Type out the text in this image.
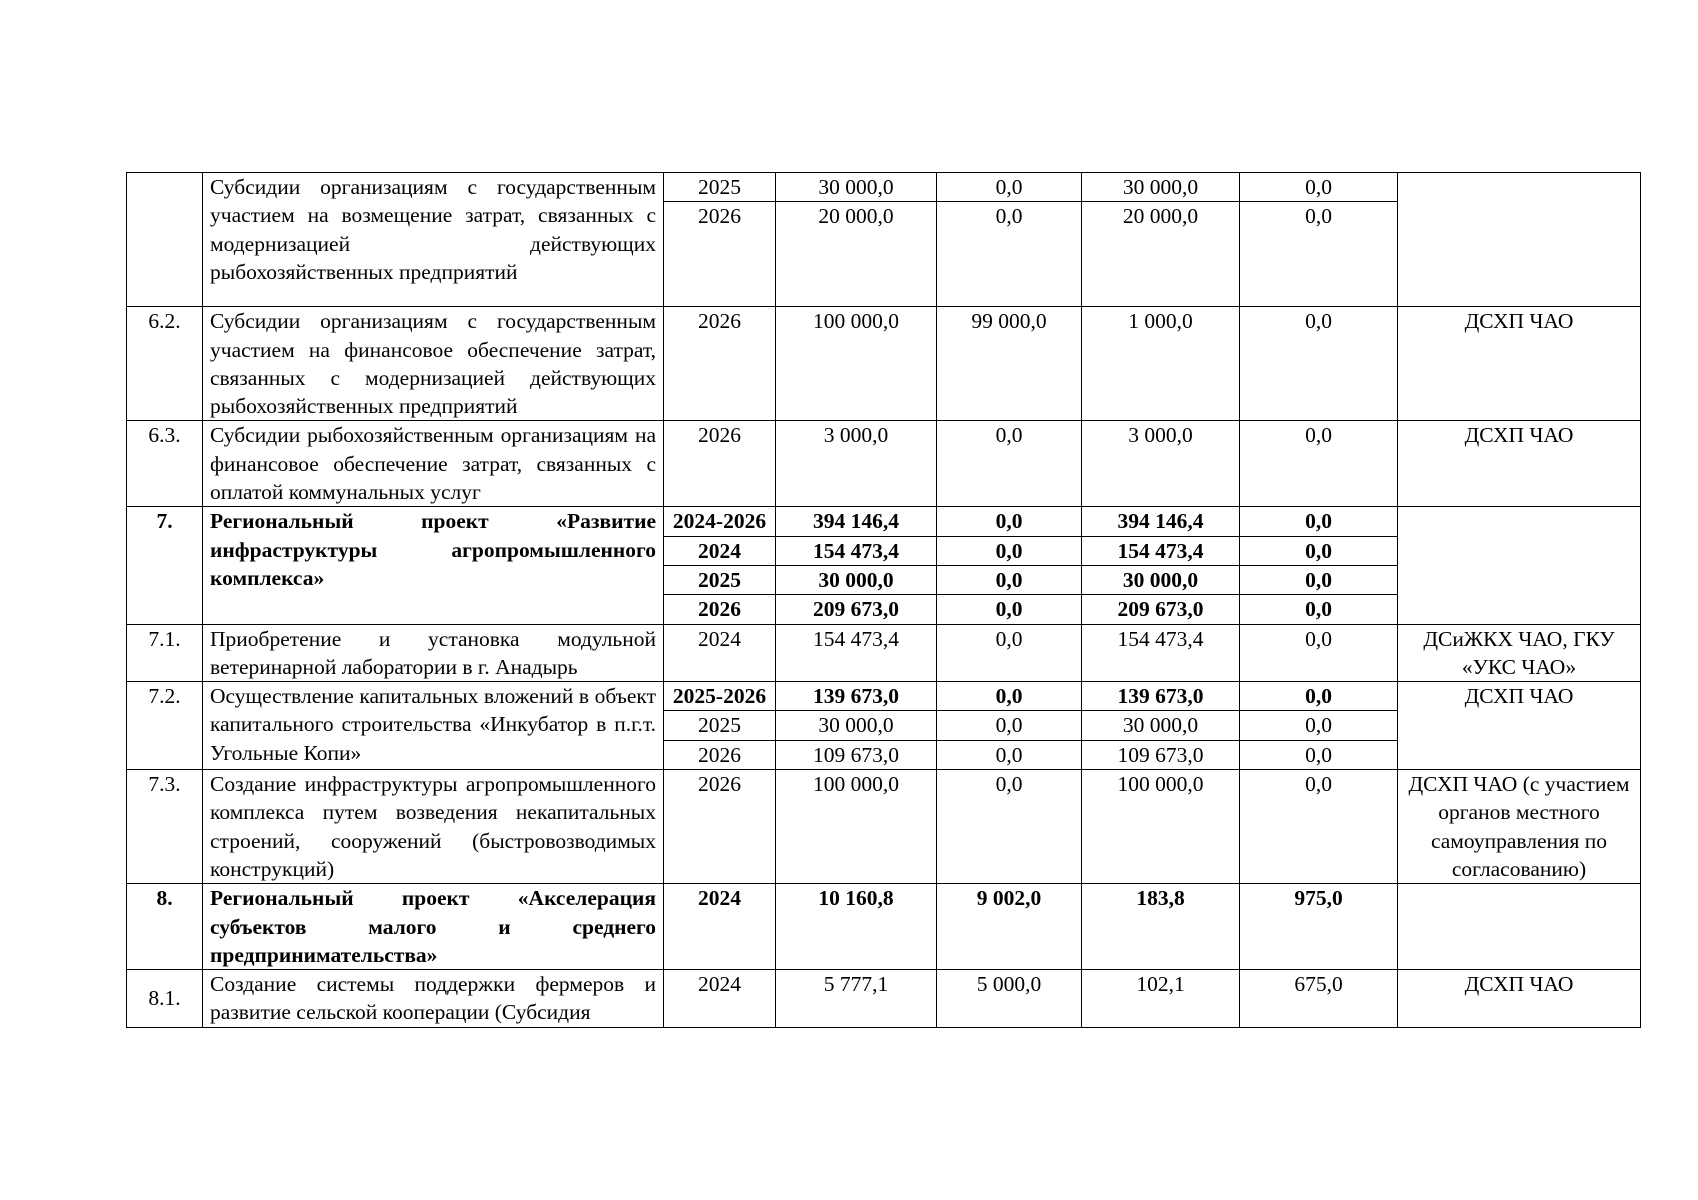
	Субсидии организациям с государственным участием на возмещение затрат, связанных с модернизацией действующих рыбохозяйственных предприятий	2025	30 000,0	0,0	30 000,0	0,0	
		2026	20 000,0	0,0	20 000,0	0,0	
6.2.	Субсидии организациям с государственным участием на финансовое обеспечение затрат, связанных с модернизацией действующих рыбохозяйственных предприятий	2026	100 000,0	99 000,0	1 000,0	0,0	ДСХП ЧАО
6.3.	Субсидии рыбохозяйственным организациям на финансовое обеспечение затрат, связанных с оплатой коммунальных услуг	2026	3 000,0	0,0	3 000,0	0,0	ДСХП ЧАО
7.	Региональный проект «Развитие инфраструктуры агропромышленного комплекса»	2024-2026	394 146,4	0,0	394 146,4	0,0	
		2024	154 473,4	0,0	154 473,4	0,0	
		2025	30 000,0	0,0	30 000,0	0,0	
		2026	209 673,0	0,0	209 673,0	0,0	
7.1.	Приобретение и установка модульной ветеринарной лаборатории в г. Анадырь	2024	154 473,4	0,0	154 473,4	0,0	ДСиЖКХ ЧАО, ГКУ «УКС ЧАО»
7.2.	Осуществление капитальных вложений в объект капитального строительства «Инкубатор в п.г.т. Угольные Копи»	2025-2026	139 673,0	0,0	139 673,0	0,0	ДСХП ЧАО
		2025	30 000,0	0,0	30 000,0	0,0	
		2026	109 673,0	0,0	109 673,0	0,0	
7.3.	Создание инфраструктуры агропромышленного комплекса путем возведения некапитальных строений, сооружений (быстровозводимых конструкций)	2026	100 000,0	0,0	100 000,0	0,0	ДСХП ЧАО (с участием органов местного самоуправления по согласованию)
8.	Региональный проект «Акселерация субъектов малого и среднего предпринимательства»	2024	10 160,8	9 002,0	183,8	975,0	
8.1.	Создание системы поддержки фермеров и развитие сельской кооперации (Субсидия	2024	5 777,1	5 000,0	102,1	675,0	ДСХП ЧАО
